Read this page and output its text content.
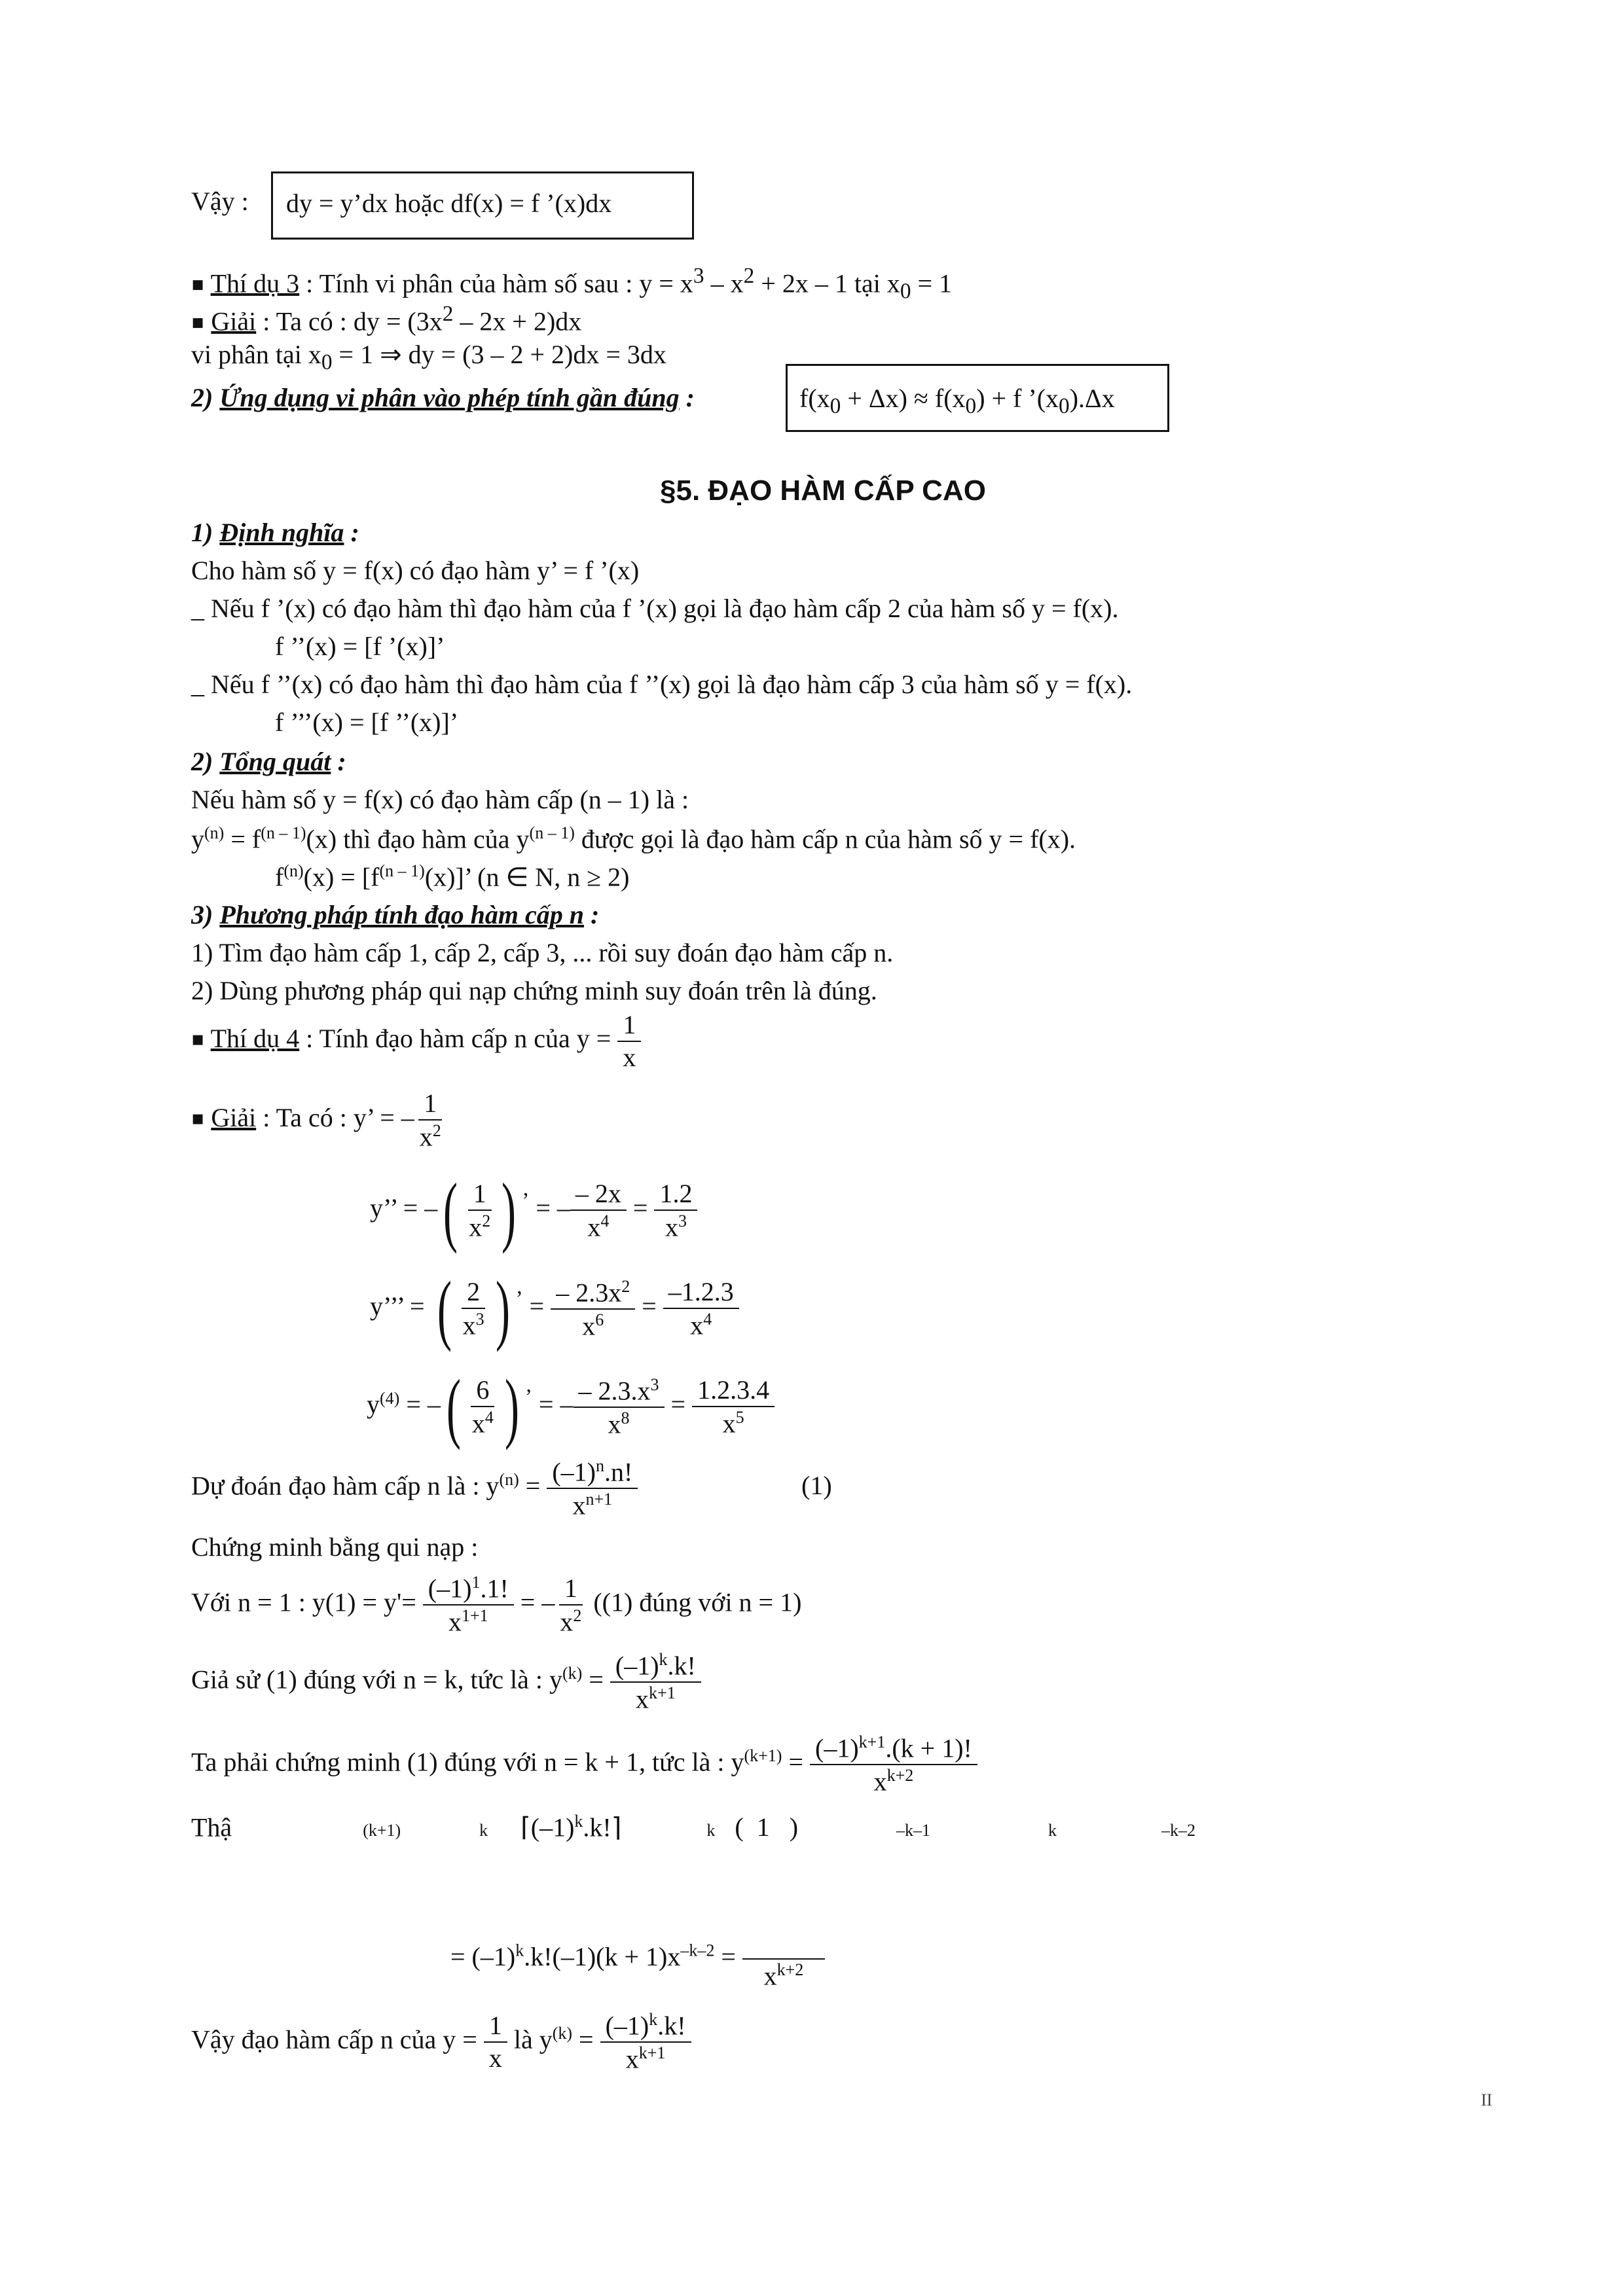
Vậy : dy = y’dx hoặc df(x) = f ’(x)dx
▪ Thí dụ 3 : Tính vi phân của hàm số sau : $y = x^3 - x^2 + 2x - 1$ tại $x_0 = 1$
▪ Giải : Ta có : dy = $(3x^2 - 2x + 2)dx$
vi phân tại $x_0 = 1$ ⇒ dy = (3 – 2 + 2)dx = 3dx
2) Ứng dụng vi phân vào phép tính gần đúng :	$f(x_0 + \Delta x) \approx f(x_0) + f$ $’(x_0).\Delta x$
§5. ĐẠO HÀM CẤP CAO
1) Định nghĩa :
Cho hàm số y = f(x) có đạo hàm y’ = f ’(x)
_ Nếu f ’(x) có đạo hàm thì đạo hàm của f ’(x) gọi là đạo hàm cấp 2 của hàm số y = f(x).
f ’’(x) = [f ’(x)]’
_ Nếu f ’’(x) có đạo hàm thì đạo hàm của f ’’(x) gọi là đạo hàm cấp 3 của hàm số y = f(x).
f ’’’(x) = [f ’’(x)]’
2) Tổng quát :
Nếu hàm số y = f(x) có đạo hàm cấp (n – 1) là :
$y^{(n)} = f^{(n - 1)}(x)$ thì đạo hàm của $y^{(n - 1)}$ được gọi là đạo hàm cấp n của hàm số y = f(x).
$f^{(n)}(x) = [f^{(n - 1)}(x)]$’ (n ∈ N, n ≥ 2)
3) Phương pháp tính đạo hàm cấp n :
1) Tìm đạo hàm cấp 1, cấp 2, cấp 3, ... rồi suy đoán đạo hàm cấp n.
2) Dùng phương pháp qui nạp chứng minh suy đoán trên là đúng.
▪ Thí dụ 4 : Tính đạo hàm cấp n của $y = \frac{1}{x}$
▪ Giải : Ta có : y’ = – $\frac{1}{x^2}$
y’’ = –( $\frac{1}{x^2}$ ) ’ = – $\frac{- 2x}{x^4} = \frac{1.2}{x^3}$
y’’’ = ( $\frac{2}{x^3}$ ) $^’ = \frac{- 2.3x^2}{x^6} = \frac{-1.2.3}{x^4}$
$y^{(4)}$ = –( $\frac{6}{x^4}$ ) ’ = – $\frac{- 2.3.x^3}{x^8} = \frac{1.2.3.4}{x^5}$
Dự đoán đạo hàm cấp n là : $y^{(n)} = \frac{(-1)^n.n!}{x^{n+1}}$	(1)
Chứng minh bằng qui nạp :
Với n = 1 : $y(1) = y'= \frac{(-1)^1.1!}{x^{1+1}}$ = – $\frac{1}{x^2} ((1)$ đúng với n = 1)
Giả sử (1) đúng với n = k, tức là : $y^{(k)} = \frac{(-1)^k.k!}{x^{k+1}}$
Ta phải chứng minh (1) đúng với n = k + 1, tức là : $y^{(k+1)} = \frac{(-1)^{k+1}.(k + 1)!}{x^{k+2}}$
Thậ	(k+1)	k $⌈(-1)^k.k!⌉$	k ( 1 )	–k–1	k	–k–2
= $(-1)^k.k!(-1)(k + 1)x^{-k-2}$ =

$x^{k+2}$
Vậy đạo hàm cấp n của $y = \frac{1}{x}$ là $y^{(k)} = \frac{(-1)^k.k!}{x^{k+1}}$
II
